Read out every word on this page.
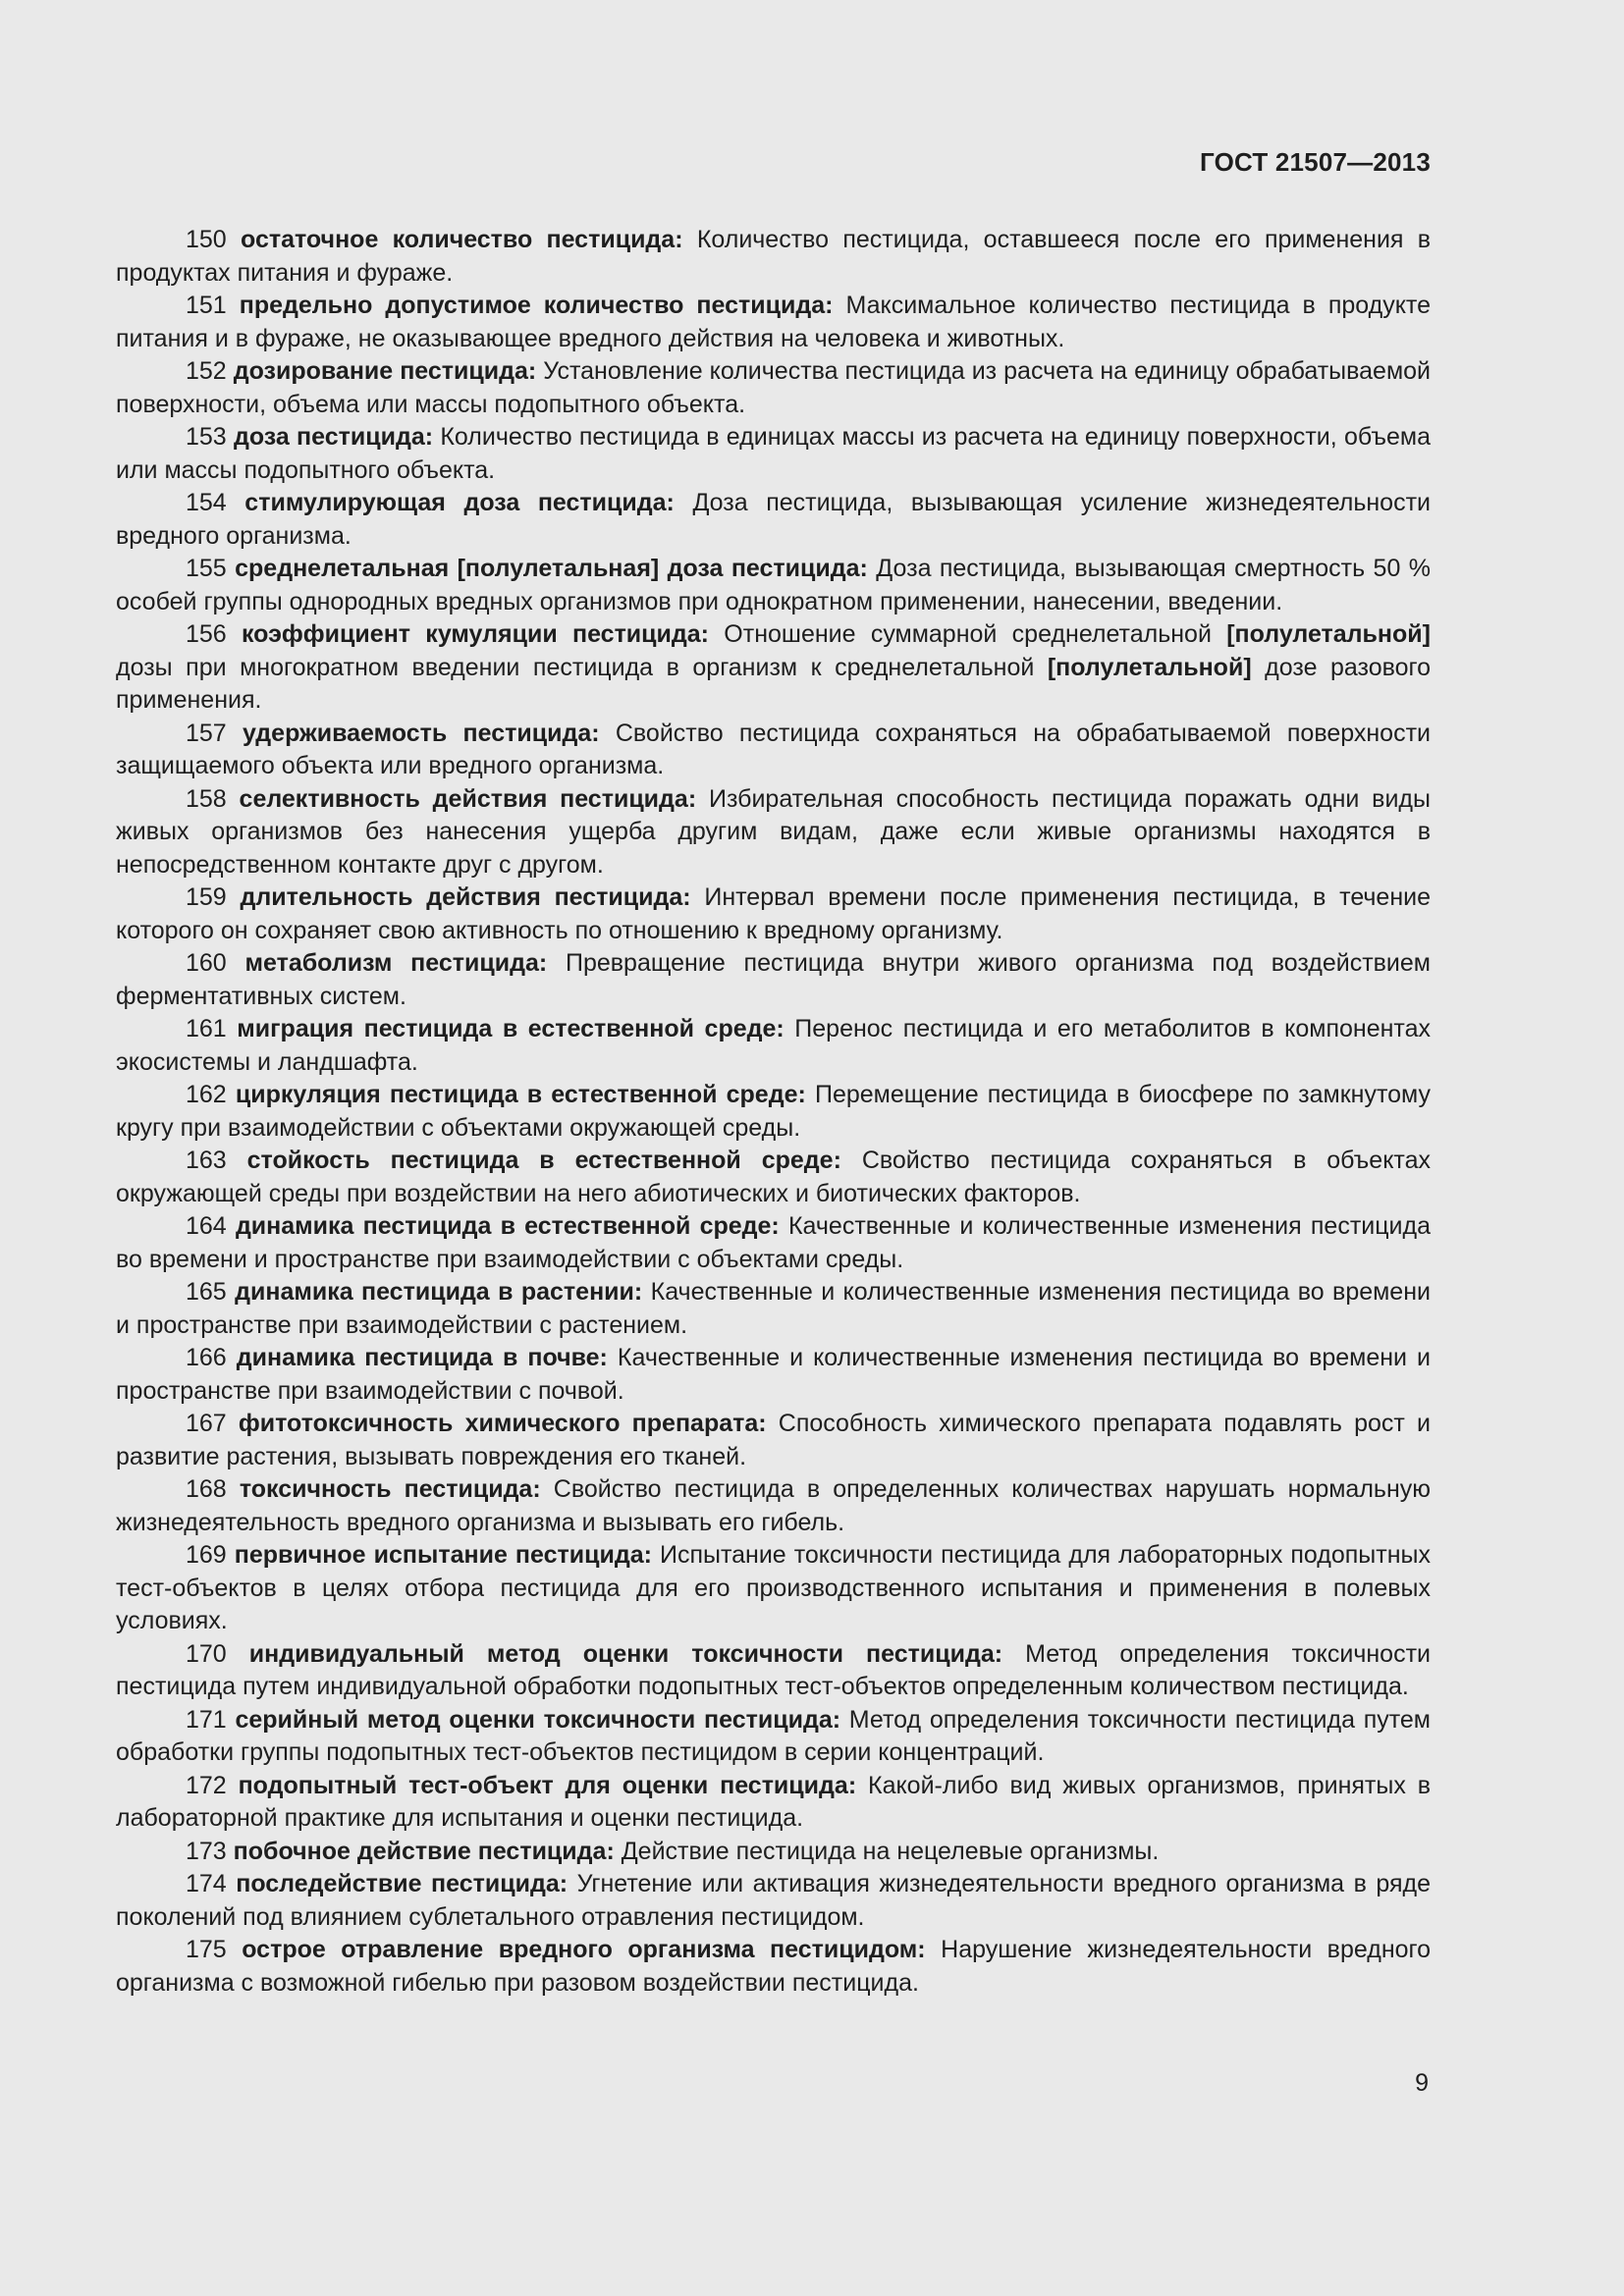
ГОСТ 21507—2013

150 остаточное количество пестицида: Количество пестицида, оставшееся после его применения в продуктах питания и фураже.

151 предельно допустимое количество пестицида: Максимальное количество пестицида в продукте питания и в фураже, не оказывающее вредного действия на человека и животных.

152 дозирование пестицида: Установление количества пестицида из расчета на единицу обрабатываемой поверхности, объема или массы подопытного объекта.

153 доза пестицида: Количество пестицида в единицах массы из расчета на единицу поверхности, объема или массы подопытного объекта.

154 стимулирующая доза пестицида: Доза пестицида, вызывающая усиление жизнедеятельности вредного организма.

155 среднелетальная [полулетальная] доза пестицида: Доза пестицида, вызывающая смертность 50 % особей группы однородных вредных организмов при однократном применении, нанесении, введении.

156 коэффициент кумуляции пестицида: Отношение суммарной среднелетальной [полулетальной] дозы при многократном введении пестицида в организм к среднелетальной [полулетальной] дозе разового применения.

157 удерживаемость пестицида: Свойство пестицида сохраняться на обрабатываемой поверхности защищаемого объекта или вредного организма.

158 селективность действия пестицида: Избирательная способность пестицида поражать одни виды живых организмов без нанесения ущерба другим видам, даже если живые организмы находятся в непосредственном контакте друг с другом.

159 длительность действия пестицида: Интервал времени после применения пестицида, в течение которого он сохраняет свою активность по отношению к вредному организму.

160 метаболизм пестицида: Превращение пестицида внутри живого организма под воздействием ферментативных систем.

161 миграция пестицида в естественной среде: Перенос пестицида и его метаболитов в компонентах экосистемы и ландшафта.

162 циркуляция пестицида в естественной среде: Перемещение пестицида в биосфере по замкнутому кругу при взаимодействии с объектами окружающей среды.

163 стойкость пестицида в естественной среде: Свойство пестицида сохраняться в объектах окружающей среды при воздействии на него абиотических и биотических факторов.

164 динамика пестицида в естественной среде: Качественные и количественные изменения пестицида во времени и пространстве при взаимодействии с объектами среды.

165 динамика пестицида в растении: Качественные и количественные изменения пестицида во времени и пространстве при взаимодействии с растением.

166 динамика пестицида в почве: Качественные и количественные изменения пестицида во времени и пространстве при взаимодействии с почвой.

167 фитотоксичность химического препарата: Способность химического препарата подавлять рост и развитие растения, вызывать повреждения его тканей.

168 токсичность пестицида: Свойство пестицида в определенных количествах нарушать нормальную жизнедеятельность вредного организма и вызывать его гибель.

169 первичное испытание пестицида: Испытание токсичности пестицида для лабораторных подопытных тест-объектов в целях отбора пестицида для его производственного испытания и применения в полевых условиях.

170 индивидуальный метод оценки токсичности пестицида: Метод определения токсичности пестицида путем индивидуальной обработки подопытных тест-объектов определенным количеством пестицида.

171 серийный метод оценки токсичности пестицида: Метод определения токсичности пестицида путем обработки группы подопытных тест-объектов пестицидом в серии концентраций.

172 подопытный тест-объект для оценки пестицида: Какой-либо вид живых организмов, принятых в лабораторной практике для испытания и оценки пестицида.

173 побочное действие пестицида: Действие пестицида на нецелевые организмы.

174 последействие пестицида: Угнетение или активация жизнедеятельности вредного организма в ряде поколений под влиянием сублетального отравления пестицидом.

175 острое отравление вредного организма пестицидом: Нарушение жизнедеятельности вредного организма с возможной гибелью при разовом воздействии пестицида.

9
